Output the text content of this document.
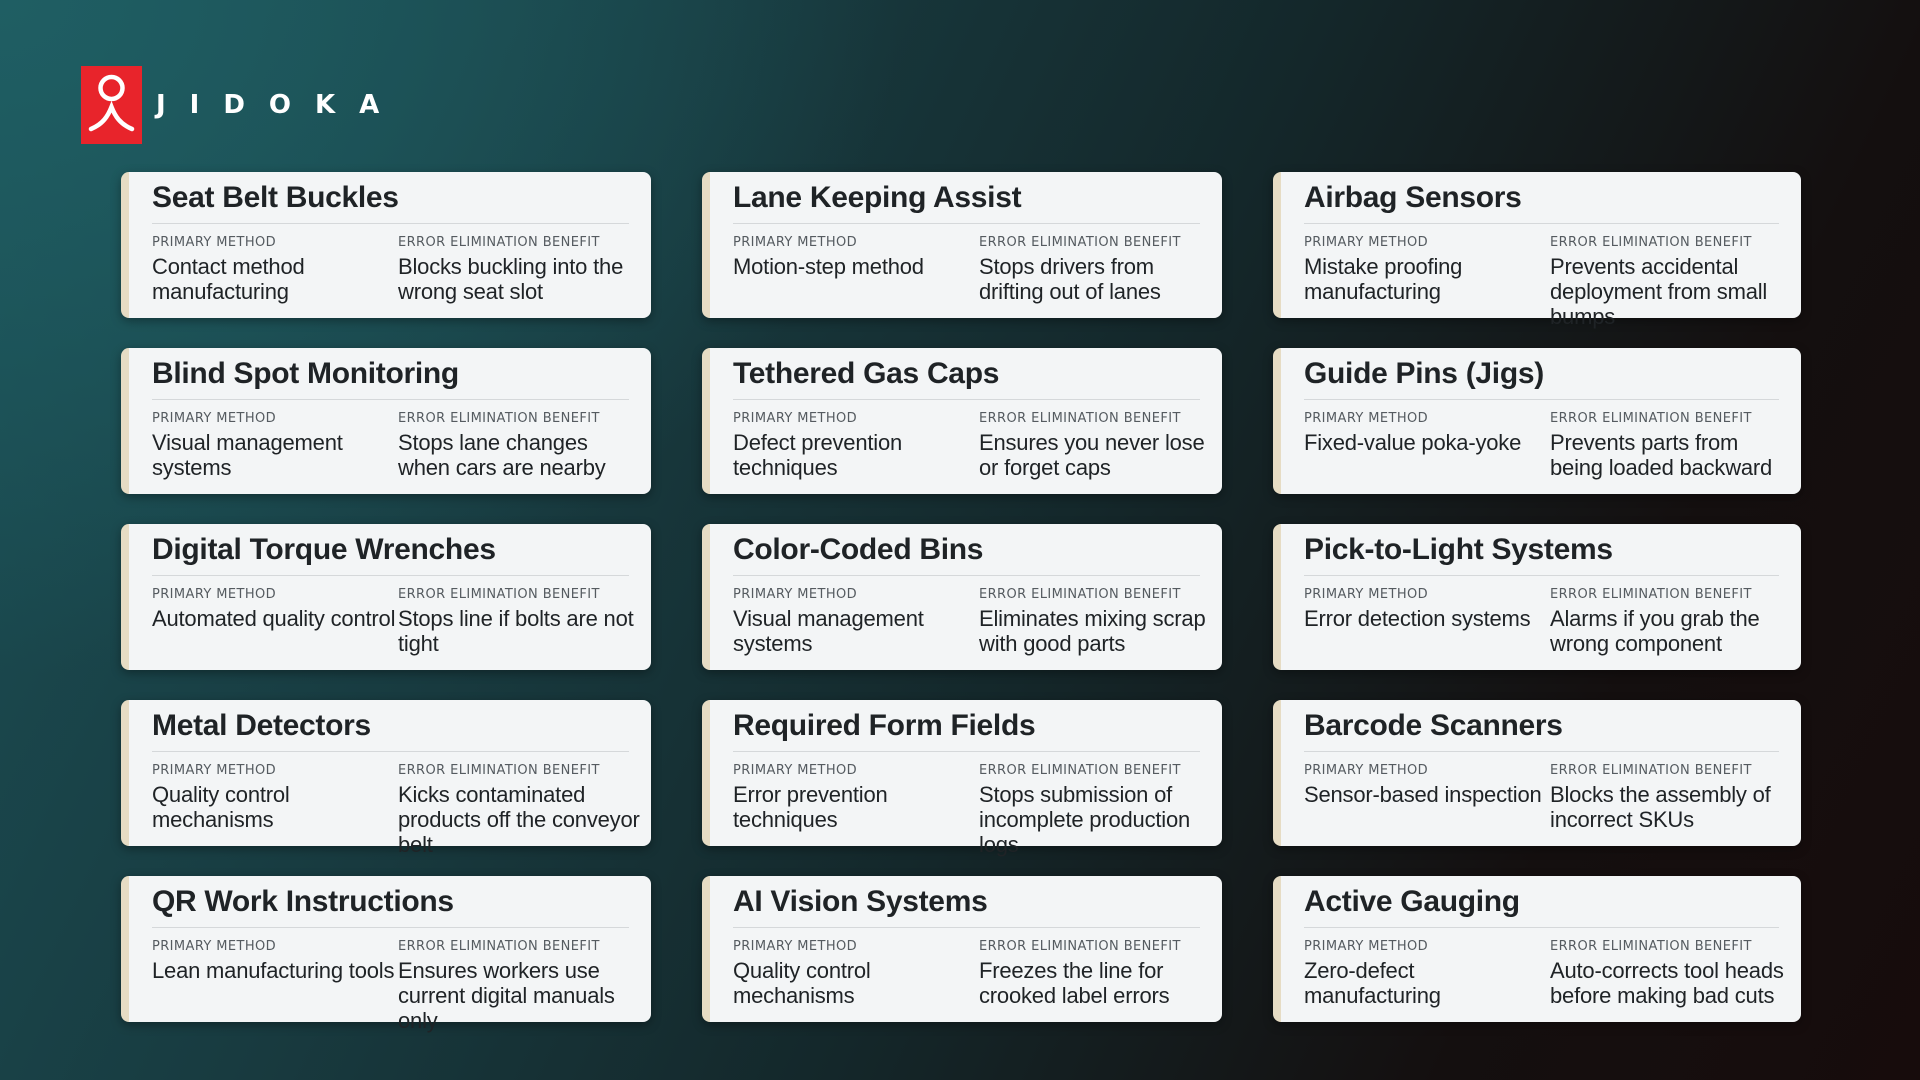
JIDOKA
Seat Belt Buckles
PRIMARY METHOD
Contact method manufacturing
ERROR ELIMINATION BENEFIT
Blocks buckling into the wrong seat slot
Lane Keeping Assist
PRIMARY METHOD
Motion-step method
ERROR ELIMINATION BENEFIT
Stops drivers from drifting out of lanes
Airbag Sensors
PRIMARY METHOD
Mistake proofing manufacturing
ERROR ELIMINATION BENEFIT
Prevents accidental deployment from small bumps
Blind Spot Monitoring
PRIMARY METHOD
Visual management systems
ERROR ELIMINATION BENEFIT
Stops lane changes when cars are nearby
Tethered Gas Caps
PRIMARY METHOD
Defect prevention techniques
ERROR ELIMINATION BENEFIT
Ensures you never lose or forget caps
Guide Pins (Jigs)
PRIMARY METHOD
Fixed-value poka-yoke
ERROR ELIMINATION BENEFIT
Prevents parts from being loaded backward
Digital Torque Wrenches
PRIMARY METHOD
Automated quality control
ERROR ELIMINATION BENEFIT
Stops line if bolts are not tight
Color-Coded Bins
PRIMARY METHOD
Visual management systems
ERROR ELIMINATION BENEFIT
Eliminates mixing scrap with good parts
Pick-to-Light Systems
PRIMARY METHOD
Error detection systems
ERROR ELIMINATION BENEFIT
Alarms if you grab the wrong component
Metal Detectors
PRIMARY METHOD
Quality control mechanisms
ERROR ELIMINATION BENEFIT
Kicks contaminated products off the conveyor belt
Required Form Fields
PRIMARY METHOD
Error prevention techniques
ERROR ELIMINATION BENEFIT
Stops submission of incomplete production logs
Barcode Scanners
PRIMARY METHOD
Sensor-based inspection
ERROR ELIMINATION BENEFIT
Blocks the assembly of incorrect SKUs
QR Work Instructions
PRIMARY METHOD
Lean manufacturing tools
ERROR ELIMINATION BENEFIT
Ensures workers use current digital manuals only
AI Vision Systems
PRIMARY METHOD
Quality control mechanisms
ERROR ELIMINATION BENEFIT
Freezes the line for crooked label errors
Active Gauging
PRIMARY METHOD
Zero-defect manufacturing
ERROR ELIMINATION BENEFIT
Auto-corrects tool heads before making bad cuts
